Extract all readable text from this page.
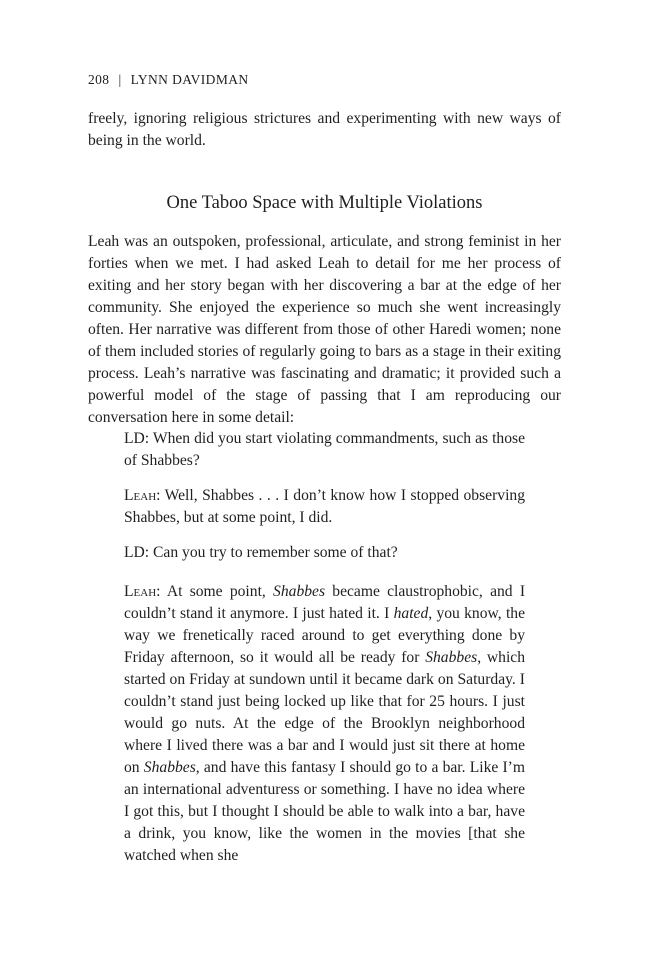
208 | LYNN DAVIDMAN

freely, ignoring religious strictures and experimenting with new ways of being in the world.

One Taboo Space with Multiple Violations

Leah was an outspoken, professional, articulate, and strong feminist in her forties when we met. I had asked Leah to detail for me her process of exiting and her story began with her discovering a bar at the edge of her community. She enjoyed the experience so much she went increasingly often. Her narrative was different from those of other Haredi women; none of them included stories of regularly going to bars as a stage in their exiting process. Leah’s narrative was fascinating and dramatic; it provided such a powerful model of the stage of passing that I am reproducing our conversation here in some detail:

LD: When did you start violating commandments, such as those of Shabbes?

Leah: Well, Shabbes . . . I don’t know how I stopped observing Shabbes, but at some point, I did.

LD: Can you try to remember some of that?

Leah: At some point, Shabbes became claustrophobic, and I couldn’t stand it anymore. I just hated it. I hated, you know, the way we frenetically raced around to get everything done by Friday afternoon, so it would all be ready for Shabbes, which started on Friday at sundown until it became dark on Saturday. I couldn’t stand just being locked up like that for 25 hours. I just would go nuts. At the edge of the Brooklyn neighborhood where I lived there was a bar and I would just sit there at home on Shabbes, and have this fantasy I should go to a bar. Like I’m an international adventuress or something. I have no idea where I got this, but I thought I should be able to walk into a bar, have a drink, you know, like the women in the movies [that she watched when she
